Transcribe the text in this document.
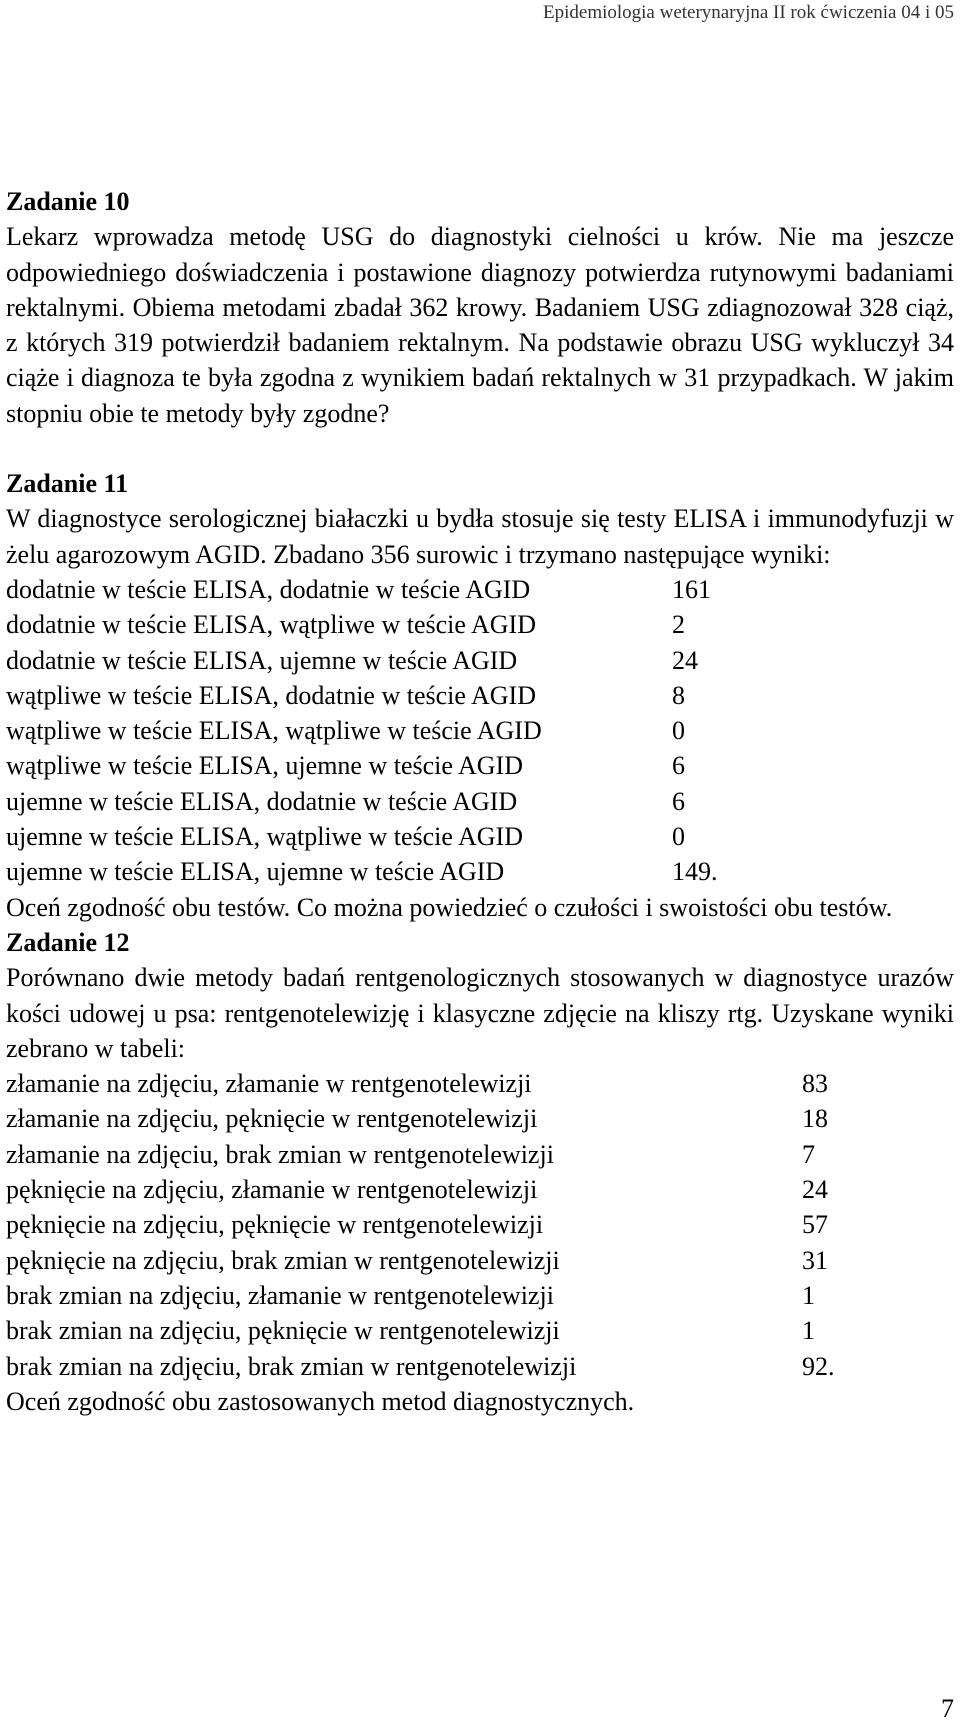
Epidemiologia weterynaryjna II rok ćwiczenia 04 i 05

Zadanie 10

Lekarz wprowadza metodę USG do diagnostyki cielności u krów. Nie ma jeszcze odpowiedniego doświadczenia i postawione diagnozy potwierdza rutynowymi badaniami rektalnymi. Obiema metodami zbadał 362 krowy. Badaniem USG zdiagnozował 328 ciąż, z których 319 potwierdził badaniem rektalnym. Na podstawie obrazu USG wykluczył 34 ciąże i diagnoza te była zgodna z wynikiem badań rektalnych w 31 przypadkach. W jakim stopniu obie te metody były zgodne?

Zadanie 11

W diagnostyce serologicznej białaczki u bydła stosuje się testy ELISA i immunodyfuzji w żelu agarozowym AGID. Zbadano 356 surowic i trzymano następujące wyniki:

dodatnie w teście ELISA, dodatnie w teście AGID	161
dodatnie w teście ELISA, wątpliwe w teście AGID	2
dodatnie w teście ELISA, ujemne w teście AGID	24
wątpliwe w teście ELISA, dodatnie w teście AGID	8
wątpliwe w teście ELISA, wątpliwe w teście AGID	0
wątpliwe w teście ELISA, ujemne w teście AGID	6
ujemne w teście ELISA, dodatnie w teście AGID	6
ujemne w teście ELISA, wątpliwe w teście AGID	0
ujemne w teście ELISA, ujemne w teście AGID	149.

Oceń zgodność obu testów. Co można powiedzieć o czułości i swoistości obu testów.

Zadanie 12

Porównano dwie metody badań rentgenologicznych stosowanych w diagnostyce urazów kości udowej u psa: rentgenotelewizję i klasyczne zdjęcie na kliszy rtg. Uzyskane wyniki zebrano w tabeli:

złamanie na zdjęciu, złamanie w rentgenotelewizji	83
złamanie na zdjęciu, pęknięcie w rentgenotelewizji	18
złamanie na zdjęciu, brak zmian w rentgenotelewizji	7
pęknięcie na zdjęciu, złamanie w rentgenotelewizji	24
pęknięcie na zdjęciu, pęknięcie w rentgenotelewizji	57
pęknięcie na zdjęciu, brak zmian w rentgenotelewizji	31
brak zmian na zdjęciu, złamanie w rentgenotelewizji	1
brak zmian na zdjęciu, pęknięcie w rentgenotelewizji	1
brak zmian na zdjęciu, brak zmian w rentgenotelewizji	92.

Oceń zgodność obu zastosowanych metod diagnostycznych.

7
